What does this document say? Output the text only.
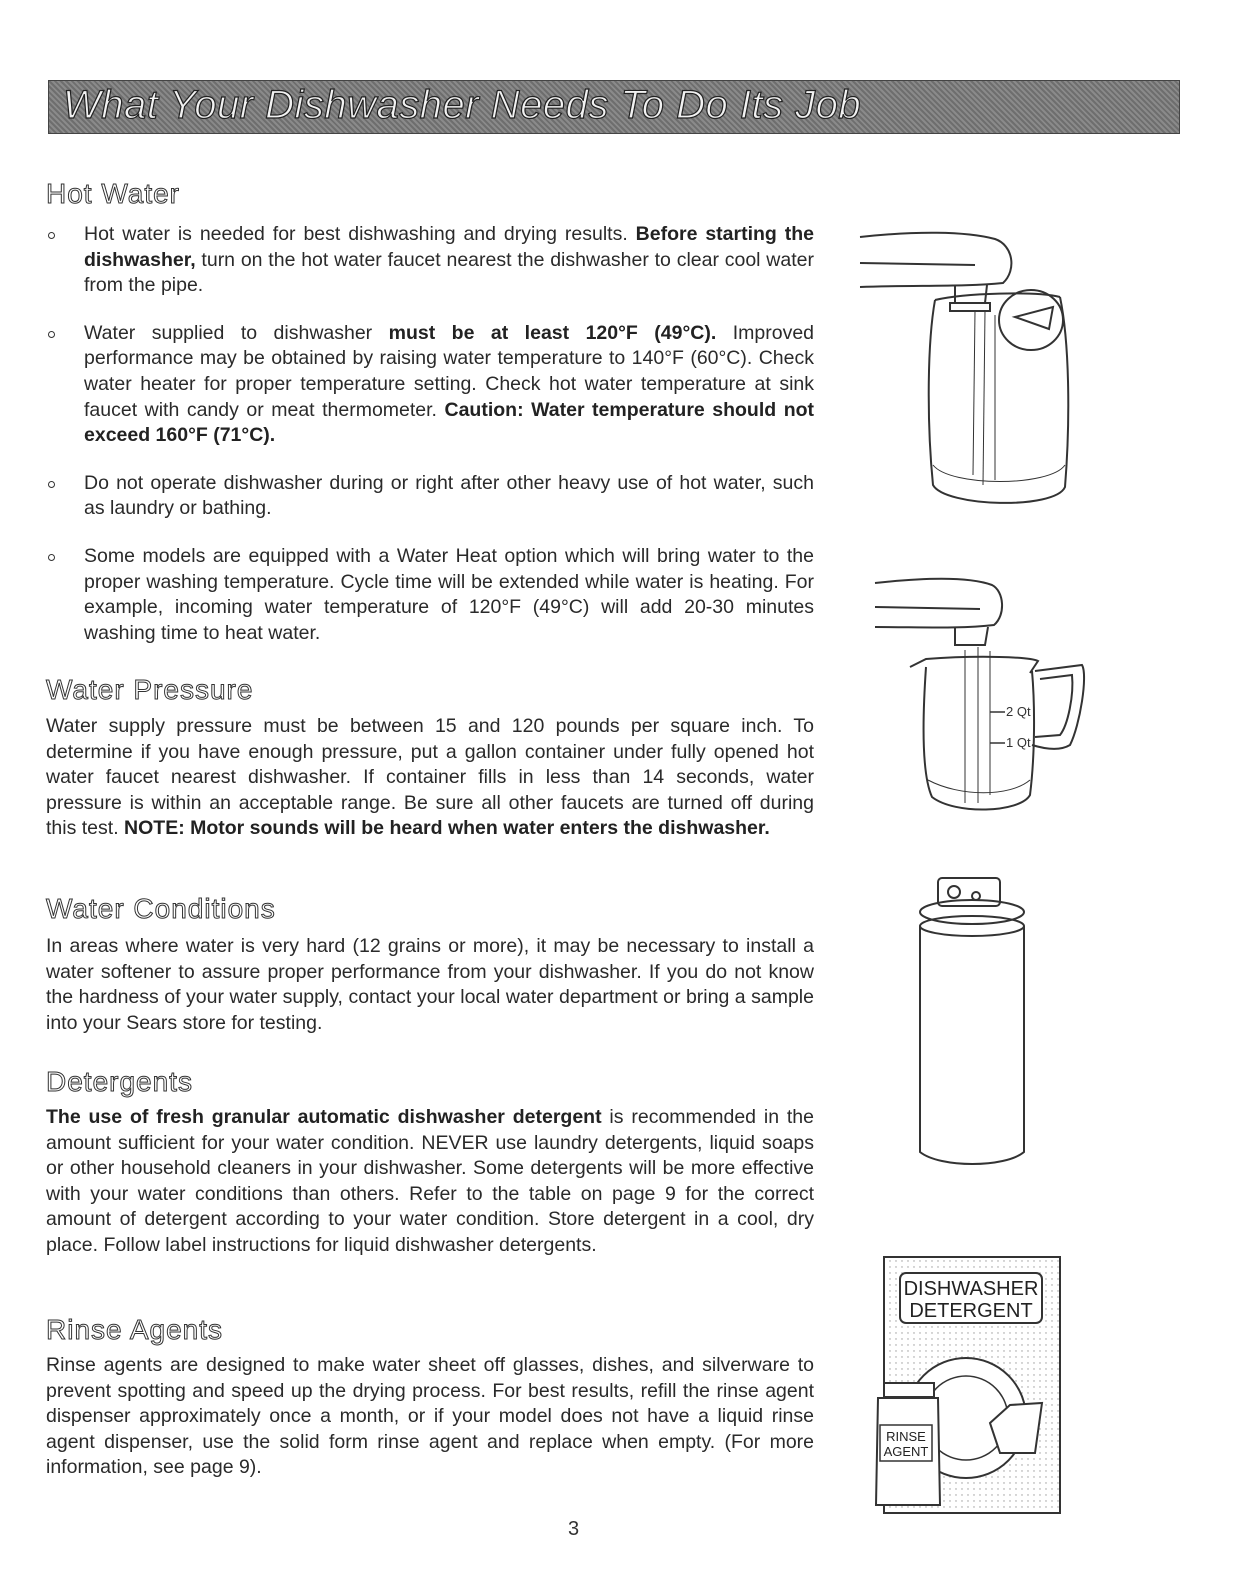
What Your Dishwasher Needs To Do Its Job
Hot Water
Hot water is needed for best dishwashing and drying results. Before starting the dishwasher, turn on the hot water faucet nearest the dishwasher to clear cool water from the pipe.
Water supplied to dishwasher must be at least 120°F (49°C). Improved performance may be obtained by raising water temperature to 140°F (60°C). Check water heater for proper temperature setting. Check hot water temperature at sink faucet with candy or meat thermometer. Caution: Water temperature should not exceed 160°F (71°C).
Do not operate dishwasher during or right after other heavy use of hot water, such as laundry or bathing.
Some models are equipped with a Water Heat option which will bring water to the proper washing temperature. Cycle time will be extended while water is heating. For example, incoming water temperature of 120°F (49°C) will add 20-30 minutes washing time to heat water.
Water Pressure

Water supply pressure must be between 15 and 120 pounds per square inch. To determine if you have enough pressure, put a gallon container under fully opened hot water faucet nearest dishwasher. If container fills in less than 14 seconds, water pressure is within an acceptable range. Be sure all other faucets are turned off during this test. NOTE: Motor sounds will be heard when water enters the dishwasher.

Water Conditions

In areas where water is very hard (12 grains or more), it may be necessary to install a water softener to assure proper performance from your dishwasher. If you do not know the hardness of your water supply, contact your local water department or bring a sample into your Sears store for testing.

Detergents

The use of fresh granular automatic dishwasher detergent is recommended in the amount sufficient for your water condition. NEVER use laundry detergents, liquid soaps or other household cleaners in your dishwasher. Some detergents will be more effective with your water conditions than others. Refer to the table on page 9 for the correct amount of detergent according to your water condition. Store detergent in a cool, dry place. Follow label instructions for liquid dishwasher detergents.

Rinse Agents

Rinse agents are designed to make water sheet off glasses, dishes, and silverware to prevent spotting and speed up the drying process. For best results, refill the rinse agent dispenser approximately once a month, or if your model does not have a liquid rinse agent dispenser, use the solid form rinse agent and replace when empty. (For more information, see page 9).

2 Qt
1 Qt
DISHWASHER
DETERGENT
RINSE
AGENT
3
